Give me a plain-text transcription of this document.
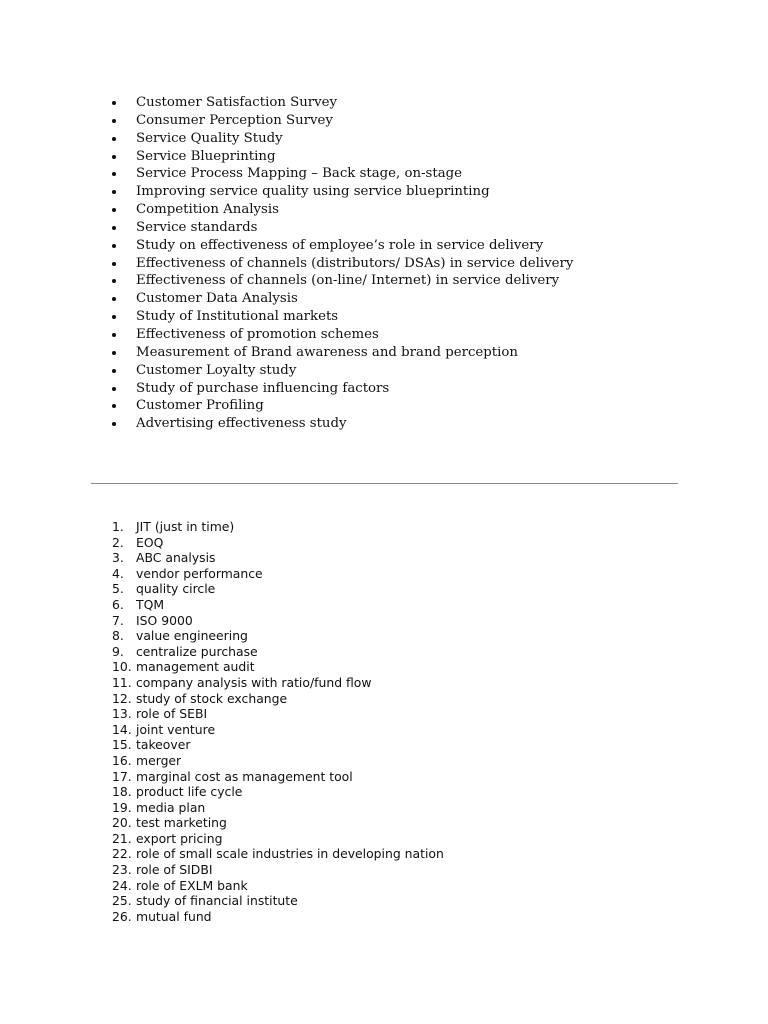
Customer Satisfaction Survey
Consumer Perception Survey
Service Quality Study
Service Blueprinting
Service Process Mapping – Back stage, on-stage
Improving service quality using service blueprinting
Competition Analysis
Service standards
Study on effectiveness of employee’s role in service delivery
Effectiveness of channels (distributors/ DSAs) in service delivery
Effectiveness of channels (on-line/ Internet) in service delivery
Customer Data Analysis
Study of Institutional markets
Effectiveness of promotion schemes
Measurement of Brand awareness and brand perception
Customer Loyalty study
Study of purchase influencing factors
Customer Profiling
Advertising effectiveness study
1. JIT (just in time)
2. EOQ
3. ABC analysis
4. vendor performance
5. quality circle
6. TQM
7. ISO 9000
8. value engineering
9. centralize purchase
10. management audit
11. company analysis with ratio/fund flow
12. study of stock exchange
13. role of SEBI
14. joint venture
15. takeover
16. merger
17. marginal cost as management tool
18. product life cycle
19. media plan
20. test marketing
21. export pricing
22. role of small scale industries in developing nation
23. role of SIDBI
24. role of EXLM bank
25. study of financial institute
26. mutual fund
